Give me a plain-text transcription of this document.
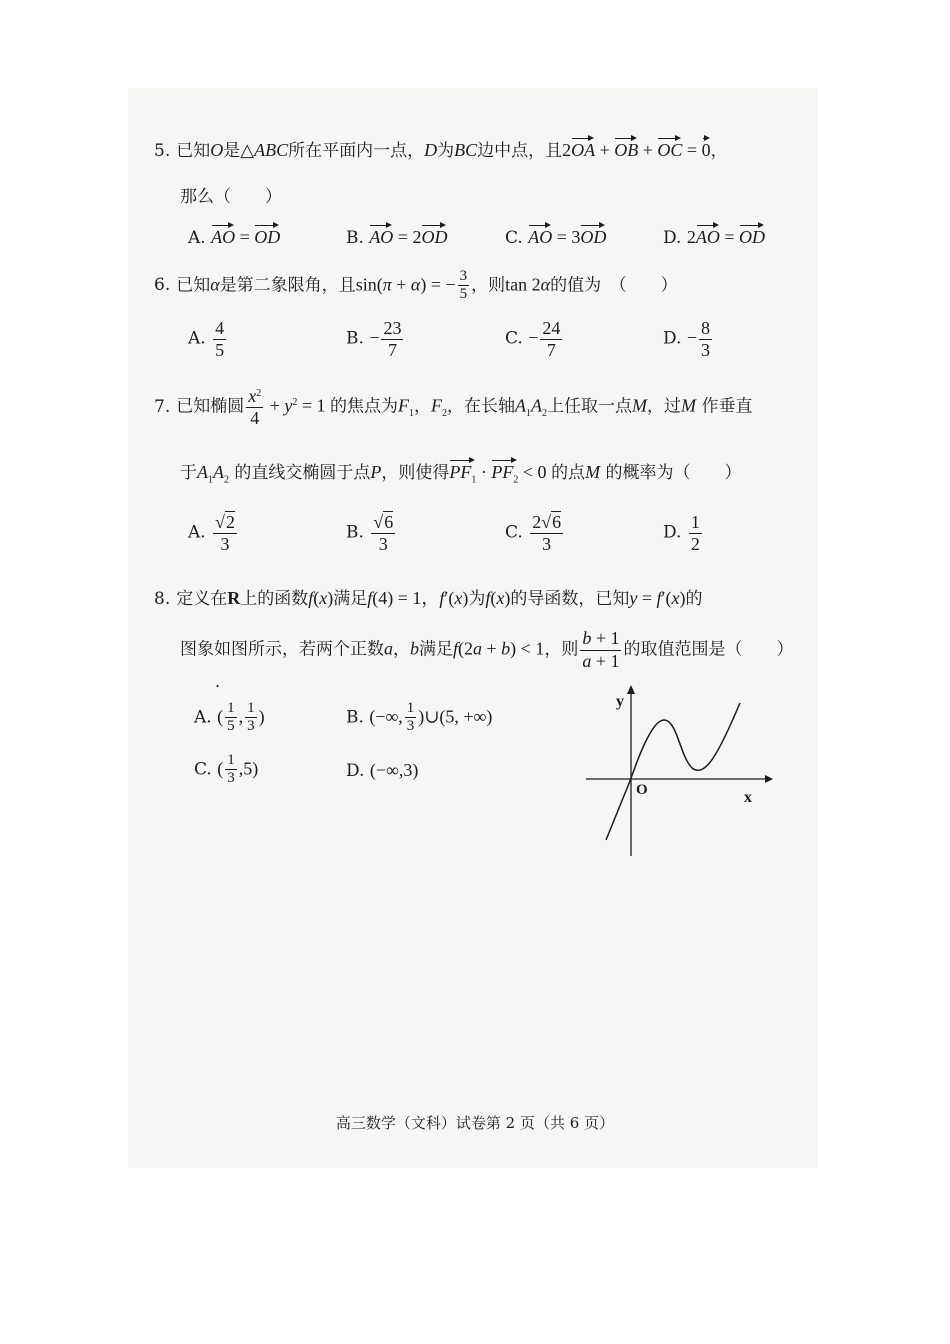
5. 已知O是△ABC所在平面内一点，D为BC边中点，且2OA + OB + OC = 0，
那么（　　）
A. AO = OD	B. AO = 2OD	C. AO = 3OD	D. 2AO = OD
6. 已知α是第二象限角，且sin(π + α) = − $\frac{3}{5}$ ，则tan 2α的值为　（　　）
A. $\frac{4}{5}$	B. − $\frac{23}{7}$	C. − $\frac{24}{7}$	D. − $\frac{8}{3}$
7. 已知椭圆 $\frac{x^2}{4} + y^2 = 1$ 的焦点为$F_1$，$F_2$，在长轴$A_1A_2$上任取一点M，过M 作垂直
于$A_1A_2$ 的直线交椭圆于点P，则使得$PF_1 \cdot PF_2 < 0$ 的点M 的概率为（　　）
A. $\frac{√2}{3}$	B. $\frac{√6}{3}$	C. $\frac{2√6}{3}$	D. $\frac{1}{2}$
8. 定义在R上的函数f(x)满足f(4) = 1，f′(x)为f(x)的导函数，已知y = f′(x)的
图象如图所示，若两个正数a，b满足f(2a + b) < 1，则 $\frac{b + 1}{a + 1}$ 的取值范围是（　　）
.
A. ( $\frac{1}{5}$ , $\frac{1}{3}$ )	B. (−∞, $\frac{1}{3}$ )∪(5, +∞)
C. ( $\frac{1}{3} ,5$)	D. (−∞,3)
y
x
O
高三数学（文科）试卷第 2 页（共 6 页）
